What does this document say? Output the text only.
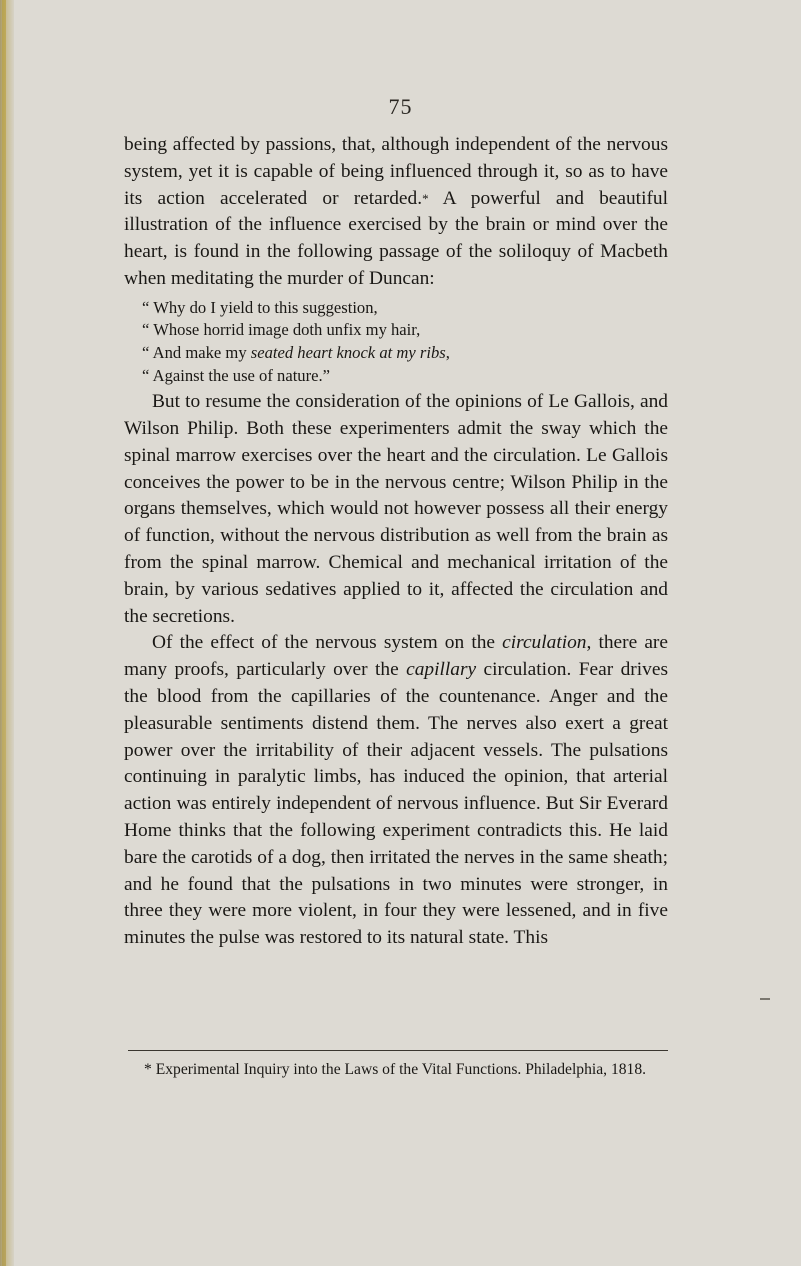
75

being affected by passions, that, although independent of the nervous system, yet it is capable of being influenced through it, so as to have its action accelerated or retarded.* A powerful and beautiful illustration of the influence exercised by the brain or mind over the heart, is found in the following passage of the soliloquy of Macbeth when meditating the murder of Duncan:

“ Why do I yield to this suggestion,
“ Whose horrid image doth unfix my hair,
“ And make my seated heart knock at my ribs,
“ Against the use of nature.”

But to resume the consideration of the opinions of Le Gallois, and Wilson Philip. Both these experimenters admit the sway which the spinal marrow exercises over the heart and the circulation. Le Gallois conceives the power to be in the nervous centre; Wilson Philip in the organs themselves, which would not however possess all their energy of function, without the nervous distribution as well from the brain as from the spinal marrow. Chemical and mechanical irritation of the brain, by various sedatives applied to it, affected the circulation and the secretions.

Of the effect of the nervous system on the circulation, there are many proofs, particularly over the capillary circulation. Fear drives the blood from the capillaries of the countenance. Anger and the pleasurable sentiments distend them. The nerves also exert a great power over the irritability of their adjacent vessels. The pulsations continuing in paralytic limbs, has induced the opinion, that arterial action was entirely independent of nervous influence. But Sir Everard Home thinks that the following experiment contradicts this. He laid bare the carotids of a dog, then irritated the nerves in the same sheath; and he found that the pulsations in two minutes were stronger, in three they were more violent, in four they were lessened, and in five minutes the pulse was restored to its natural state. This

* Experimental Inquiry into the Laws of the Vital Functions. Philadelphia, 1818.
